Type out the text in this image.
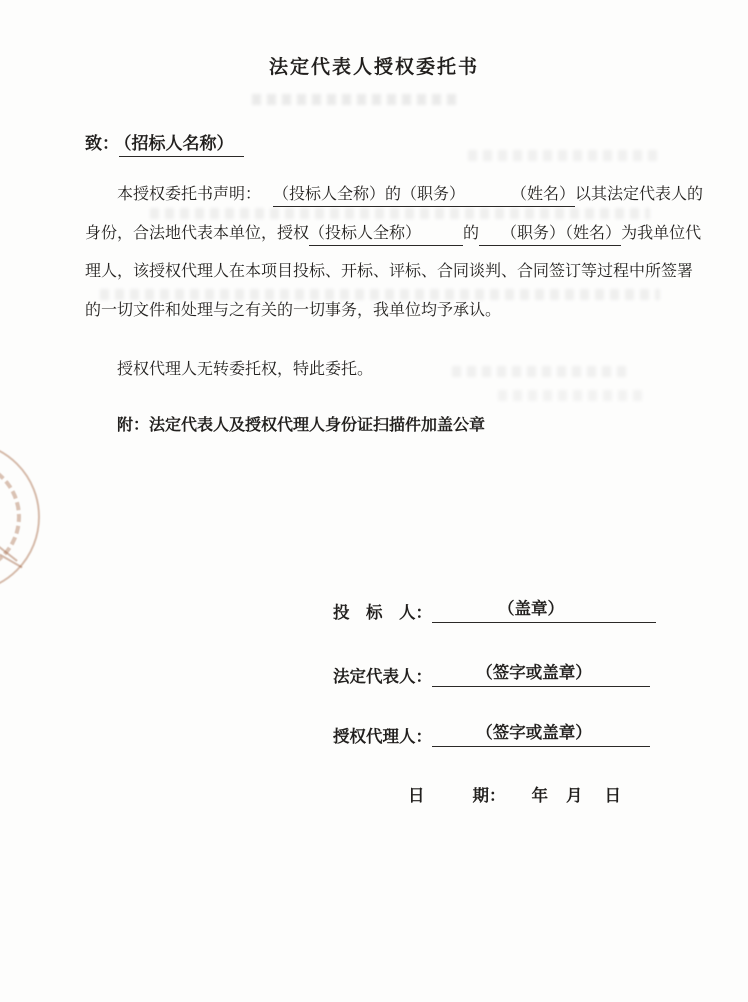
法定代表人授权委托书
致： （招标人名称）
本授权委托书声明： （投标人全称）的（职务）	（姓名）以其法定代表人的
身份，合法地代表本单位，授权（投标人全称）	的 （职务）（姓名）为我单位代
理人，该授权代理人在本项目投标、开标、评标、合同谈判、合同签订等过程中所签署
的一切文件和处理与之有关的一切事务，我单位均予承认。
授权代理人无转委托权，特此委托。
附：法定代表人及授权代理人身份证扫描件加盖公章
投　标　人：	（盖章）
法定代表人：	（签字或盖章）
授权代理人：	（签字或盖章）
日	期： 年 月 日
